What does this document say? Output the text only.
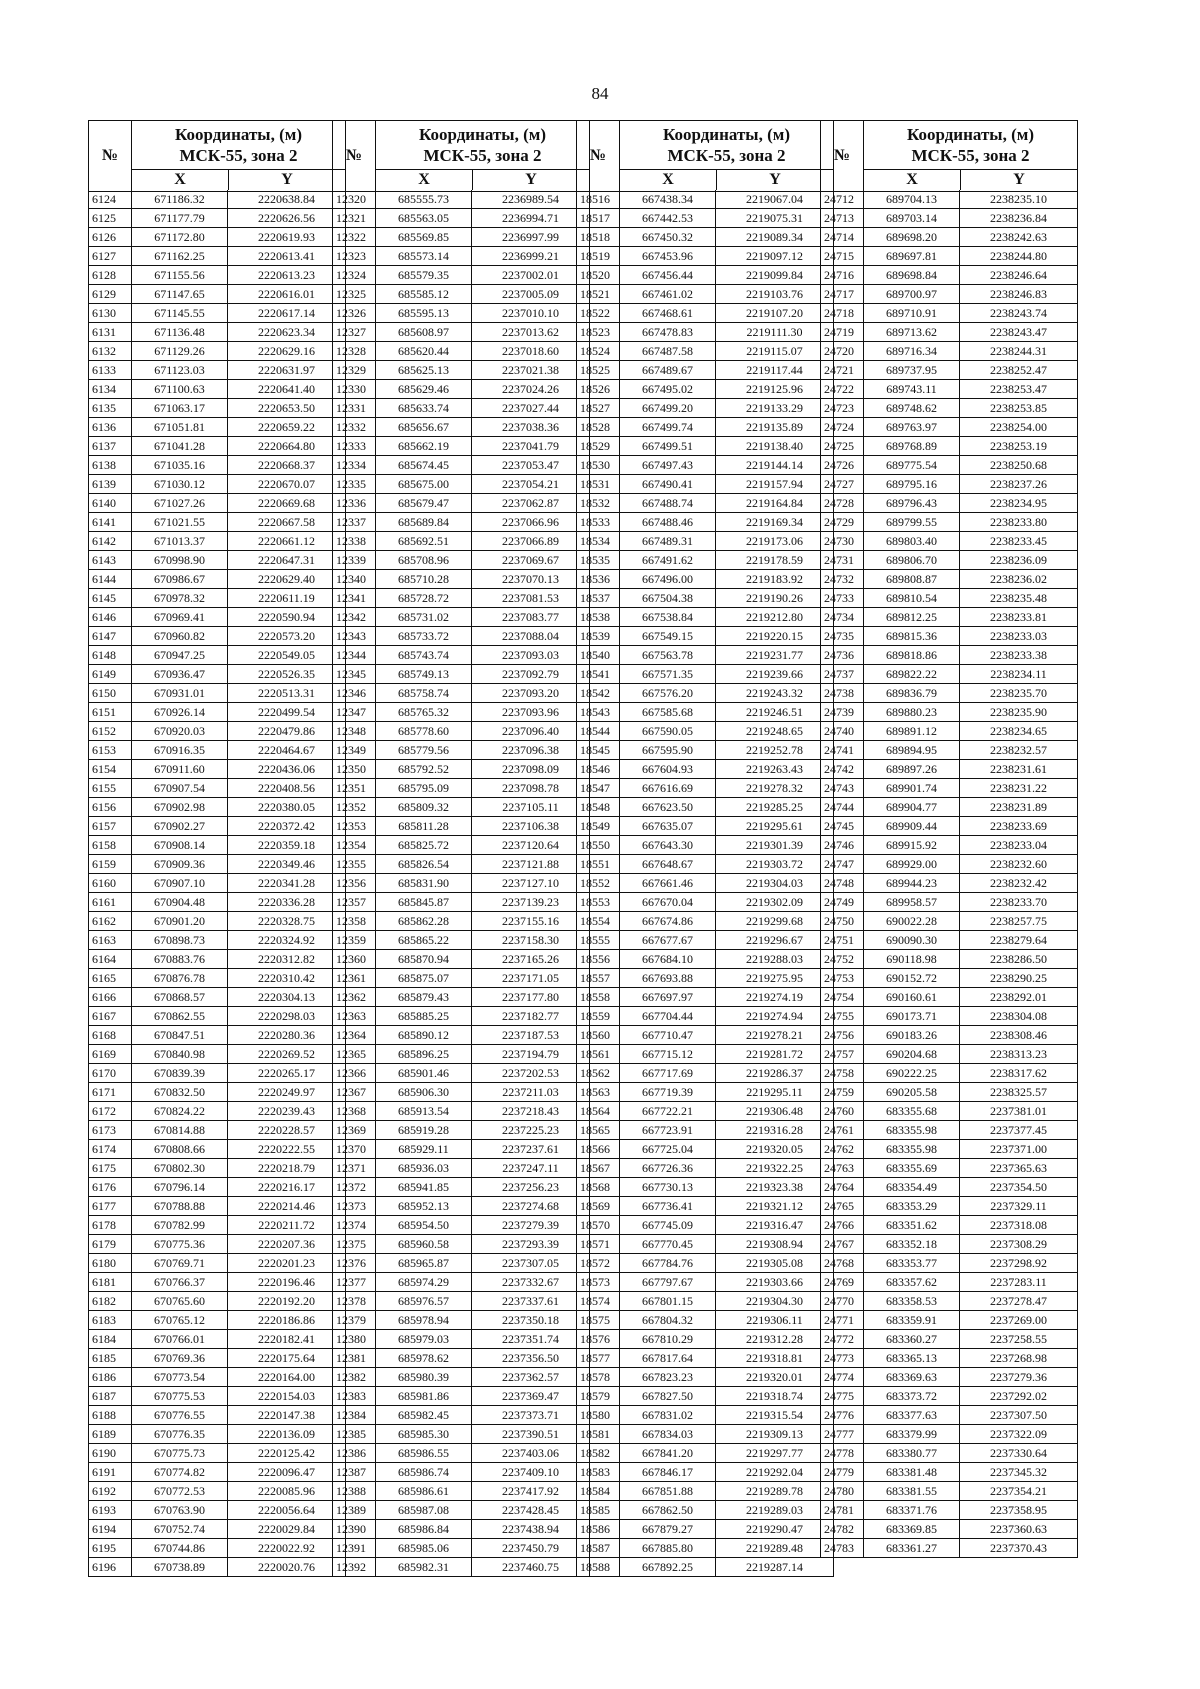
84
№
Координаты, (м)
МСК-55, зона 2
X	Y
6124	671186.32	2220638.84
6125	671177.79	2220626.56
6126	671172.80	2220619.93
6127	671162.25	2220613.41
6128	671155.56	2220613.23
6129	671147.65	2220616.01
6130	671145.55	2220617.14
6131	671136.48	2220623.34
6132	671129.26	2220629.16
6133	671123.03	2220631.97
6134	671100.63	2220641.40
6135	671063.17	2220653.50
6136	671051.81	2220659.22
6137	671041.28	2220664.80
6138	671035.16	2220668.37
6139	671030.12	2220670.07
6140	671027.26	2220669.68
6141	671021.55	2220667.58
6142	671013.37	2220661.12
6143	670998.90	2220647.31
6144	670986.67	2220629.40
6145	670978.32	2220611.19
6146	670969.41	2220590.94
6147	670960.82	2220573.20
6148	670947.25	2220549.05
6149	670936.47	2220526.35
6150	670931.01	2220513.31
6151	670926.14	2220499.54
6152	670920.03	2220479.86
6153	670916.35	2220464.67
6154	670911.60	2220436.06
6155	670907.54	2220408.56
6156	670902.98	2220380.05
6157	670902.27	2220372.42
6158	670908.14	2220359.18
6159	670909.36	2220349.46
6160	670907.10	2220341.28
6161	670904.48	2220336.28
6162	670901.20	2220328.75
6163	670898.73	2220324.92
6164	670883.76	2220312.82
6165	670876.78	2220310.42
6166	670868.57	2220304.13
6167	670862.55	2220298.03
6168	670847.51	2220280.36
6169	670840.98	2220269.52
6170	670839.39	2220265.17
6171	670832.50	2220249.97
6172	670824.22	2220239.43
6173	670814.88	2220228.57
6174	670808.66	2220222.55
6175	670802.30	2220218.79
6176	670796.14	2220216.17
6177	670788.88	2220214.46
6178	670782.99	2220211.72
6179	670775.36	2220207.36
6180	670769.71	2220201.23
6181	670766.37	2220196.46
6182	670765.60	2220192.20
6183	670765.12	2220186.86
6184	670766.01	2220182.41
6185	670769.36	2220175.64
6186	670773.54	2220164.00
6187	670775.53	2220154.03
6188	670776.55	2220147.38
6189	670776.35	2220136.09
6190	670775.73	2220125.42
6191	670774.82	2220096.47
6192	670772.53	2220085.96
6193	670763.90	2220056.64
6194	670752.74	2220029.84
6195	670744.86	2220022.92
6196	670738.89	2220020.76
№
Координаты, (м)
МСК-55, зона 2
X	Y
12320	685555.73	2236989.54
12321	685563.05	2236994.71
12322	685569.85	2236997.99
12323	685573.14	2236999.21
12324	685579.35	2237002.01
12325	685585.12	2237005.09
12326	685595.13	2237010.10
12327	685608.97	2237013.62
12328	685620.44	2237018.60
12329	685625.13	2237021.38
12330	685629.46	2237024.26
12331	685633.74	2237027.44
12332	685656.67	2237038.36
12333	685662.19	2237041.79
12334	685674.45	2237053.47
12335	685675.00	2237054.21
12336	685679.47	2237062.87
12337	685689.84	2237066.96
12338	685692.51	2237066.89
12339	685708.96	2237069.67
12340	685710.28	2237070.13
12341	685728.72	2237081.53
12342	685731.02	2237083.77
12343	685733.72	2237088.04
12344	685743.74	2237093.03
12345	685749.13	2237092.79
12346	685758.74	2237093.20
12347	685765.32	2237093.96
12348	685778.60	2237096.40
12349	685779.56	2237096.38
12350	685792.52	2237098.09
12351	685795.09	2237098.78
12352	685809.32	2237105.11
12353	685811.28	2237106.38
12354	685825.72	2237120.64
12355	685826.54	2237121.88
12356	685831.90	2237127.10
12357	685845.87	2237139.23
12358	685862.28	2237155.16
12359	685865.22	2237158.30
12360	685870.94	2237165.26
12361	685875.07	2237171.05
12362	685879.43	2237177.80
12363	685885.25	2237182.77
12364	685890.12	2237187.53
12365	685896.25	2237194.79
12366	685901.46	2237202.53
12367	685906.30	2237211.03
12368	685913.54	2237218.43
12369	685919.28	2237225.23
12370	685929.11	2237237.61
12371	685936.03	2237247.11
12372	685941.85	2237256.23
12373	685952.13	2237274.68
12374	685954.50	2237279.39
12375	685960.58	2237293.39
12376	685965.87	2237307.05
12377	685974.29	2237332.67
12378	685976.57	2237337.61
12379	685978.94	2237350.18
12380	685979.03	2237351.74
12381	685978.62	2237356.50
12382	685980.39	2237362.57
12383	685981.86	2237369.47
12384	685982.45	2237373.71
12385	685985.30	2237390.51
12386	685986.55	2237403.06
12387	685986.74	2237409.10
12388	685986.61	2237417.92
12389	685987.08	2237428.45
12390	685986.84	2237438.94
12391	685985.06	2237450.79
12392	685982.31	2237460.75
№
Координаты, (м)
МСК-55, зона 2
X	Y
18516	667438.34	2219067.04
18517	667442.53	2219075.31
18518	667450.32	2219089.34
18519	667453.96	2219097.12
18520	667456.44	2219099.84
18521	667461.02	2219103.76
18522	667468.61	2219107.20
18523	667478.83	2219111.30
18524	667487.58	2219115.07
18525	667489.67	2219117.44
18526	667495.02	2219125.96
18527	667499.20	2219133.29
18528	667499.74	2219135.89
18529	667499.51	2219138.40
18530	667497.43	2219144.14
18531	667490.41	2219157.94
18532	667488.74	2219164.84
18533	667488.46	2219169.34
18534	667489.31	2219173.06
18535	667491.62	2219178.59
18536	667496.00	2219183.92
18537	667504.38	2219190.26
18538	667538.84	2219212.80
18539	667549.15	2219220.15
18540	667563.78	2219231.77
18541	667571.35	2219239.66
18542	667576.20	2219243.32
18543	667585.68	2219246.51
18544	667590.05	2219248.65
18545	667595.90	2219252.78
18546	667604.93	2219263.43
18547	667616.69	2219278.32
18548	667623.50	2219285.25
18549	667635.07	2219295.61
18550	667643.30	2219301.39
18551	667648.67	2219303.72
18552	667661.46	2219304.03
18553	667670.04	2219302.09
18554	667674.86	2219299.68
18555	667677.67	2219296.67
18556	667684.10	2219288.03
18557	667693.88	2219275.95
18558	667697.97	2219274.19
18559	667704.44	2219274.94
18560	667710.47	2219278.21
18561	667715.12	2219281.72
18562	667717.69	2219286.37
18563	667719.39	2219295.11
18564	667722.21	2219306.48
18565	667723.91	2219316.28
18566	667725.04	2219320.05
18567	667726.36	2219322.25
18568	667730.13	2219323.38
18569	667736.41	2219321.12
18570	667745.09	2219316.47
18571	667770.45	2219308.94
18572	667784.76	2219305.08
18573	667797.67	2219303.66
18574	667801.15	2219304.30
18575	667804.32	2219306.11
18576	667810.29	2219312.28
18577	667817.64	2219318.81
18578	667823.23	2219320.01
18579	667827.50	2219318.74
18580	667831.02	2219315.54
18581	667834.03	2219309.13
18582	667841.20	2219297.77
18583	667846.17	2219292.04
18584	667851.88	2219289.78
18585	667862.50	2219289.03
18586	667879.27	2219290.47
18587	667885.80	2219289.48
18588	667892.25	2219287.14
№
Координаты, (м)
МСК-55, зона 2
X	Y
24712	689704.13	2238235.10
24713	689703.14	2238236.84
24714	689698.20	2238242.63
24715	689697.81	2238244.80
24716	689698.84	2238246.64
24717	689700.97	2238246.83
24718	689710.91	2238243.74
24719	689713.62	2238243.47
24720	689716.34	2238244.31
24721	689737.95	2238252.47
24722	689743.11	2238253.47
24723	689748.62	2238253.85
24724	689763.97	2238254.00
24725	689768.89	2238253.19
24726	689775.54	2238250.68
24727	689795.16	2238237.26
24728	689796.43	2238234.95
24729	689799.55	2238233.80
24730	689803.40	2238233.45
24731	689806.70	2238236.09
24732	689808.87	2238236.02
24733	689810.54	2238235.48
24734	689812.25	2238233.81
24735	689815.36	2238233.03
24736	689818.86	2238233.38
24737	689822.22	2238234.11
24738	689836.79	2238235.70
24739	689880.23	2238235.90
24740	689891.12	2238234.65
24741	689894.95	2238232.57
24742	689897.26	2238231.61
24743	689901.74	2238231.22
24744	689904.77	2238231.89
24745	689909.44	2238233.69
24746	689915.92	2238233.04
24747	689929.00	2238232.60
24748	689944.23	2238232.42
24749	689958.57	2238233.70
24750	690022.28	2238257.75
24751	690090.30	2238279.64
24752	690118.98	2238286.50
24753	690152.72	2238290.25
24754	690160.61	2238292.01
24755	690173.71	2238304.08
24756	690183.26	2238308.46
24757	690204.68	2238313.23
24758	690222.25	2238317.62
24759	690205.58	2238325.57
24760	683355.68	2237381.01
24761	683355.98	2237377.45
24762	683355.98	2237371.00
24763	683355.69	2237365.63
24764	683354.49	2237354.50
24765	683353.29	2237329.11
24766	683351.62	2237318.08
24767	683352.18	2237308.29
24768	683353.77	2237298.92
24769	683357.62	2237283.11
24770	683358.53	2237278.47
24771	683359.91	2237269.00
24772	683360.27	2237258.55
24773	683365.13	2237268.98
24774	683369.63	2237279.36
24775	683373.72	2237292.02
24776	683377.63	2237307.50
24777	683379.99	2237322.09
24778	683380.77	2237330.64
24779	683381.48	2237345.32
24780	683381.55	2237354.21
24781	683371.76	2237358.95
24782	683369.85	2237360.63
24783	683361.27	2237370.43
